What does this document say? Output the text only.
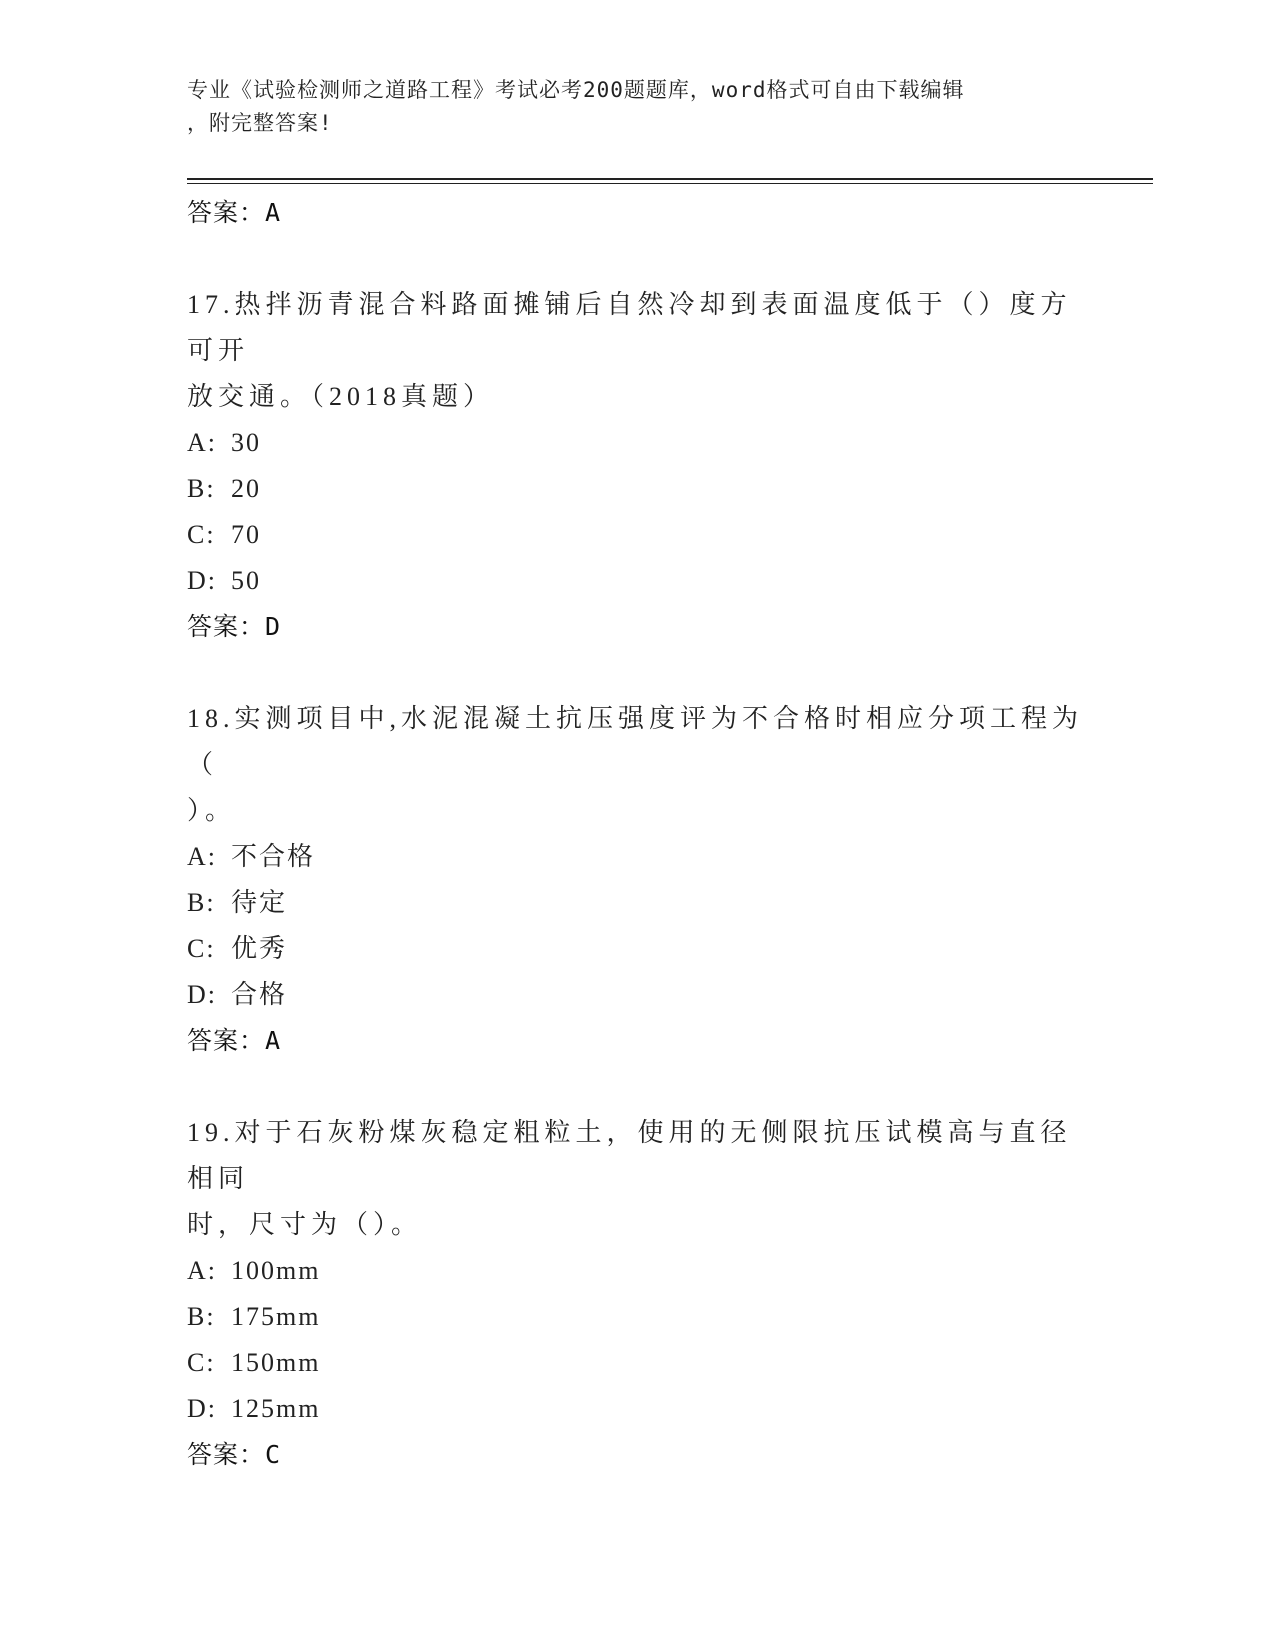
专业《试验检测师之道路工程》考试必考200题题库，word格式可自由下载编辑
，附完整答案!
答案：A
17.热拌沥青混合料路面摊铺后自然冷却到表面温度低于（）度方可开
放交通。（2018真题）
A: 30
B: 20
C: 70
D: 50
答案：D
18.实测项目中,水泥混凝土抗压强度评为不合格时相应分项工程为（
）。
A: 不合格
B: 待定
C: 优秀
D: 合格
答案：A
19.对于石灰粉煤灰稳定粗粒土，使用的无侧限抗压试模高与直径相同
时，尺寸为（）。
A: 100mm
B: 175mm
C: 150mm
D: 125mm
答案：C
